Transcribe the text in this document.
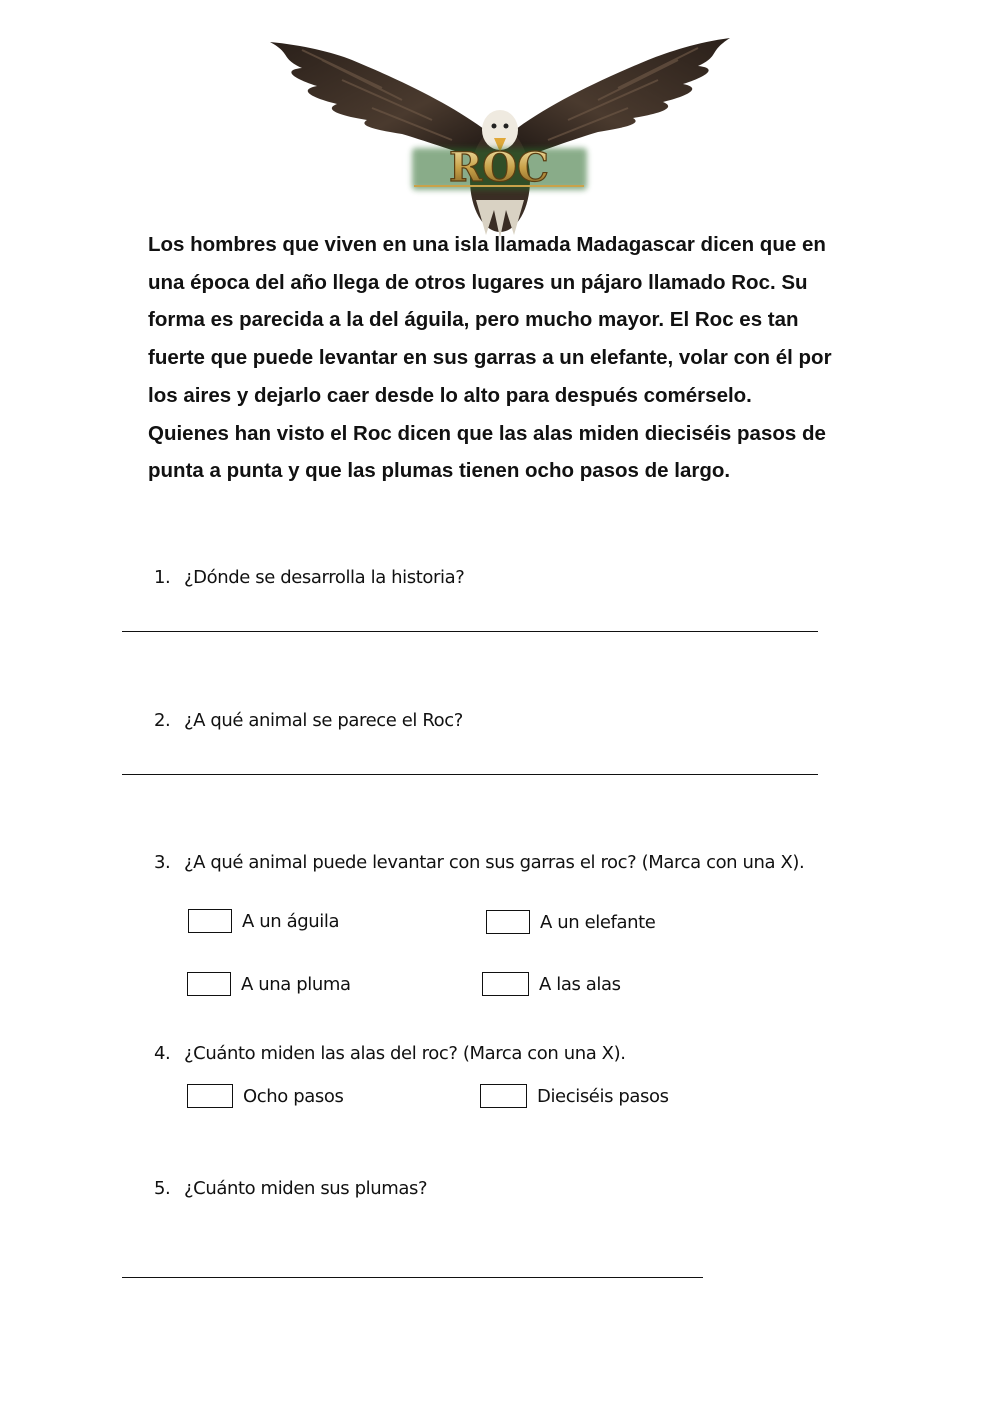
ROC

Los hombres que viven en una isla llamada Madagascar dicen que en

una época del año llega de otros lugares un pájaro llamado Roc. Su

forma es parecida a la del águila, pero mucho mayor. El Roc es tan

fuerte que puede levantar en sus garras a un elefante, volar con él por

los aires y dejarlo caer desde lo alto para después comérselo.

Quienes han visto el Roc dicen que las alas miden dieciséis pasos de

punta a punta y que las plumas tienen ocho pasos de largo.

1. ¿Dónde se desarrolla la historia?
2. ¿A qué animal se parece el Roc?
3. ¿A qué animal puede levantar con sus garras el roc? (Marca con una X).
A un águila	A un elefante
A una pluma	A las alas
4. ¿Cuánto miden las alas del roc? (Marca con una X).
Ocho pasos	Dieciséis pasos
5. ¿Cuánto miden sus plumas?
